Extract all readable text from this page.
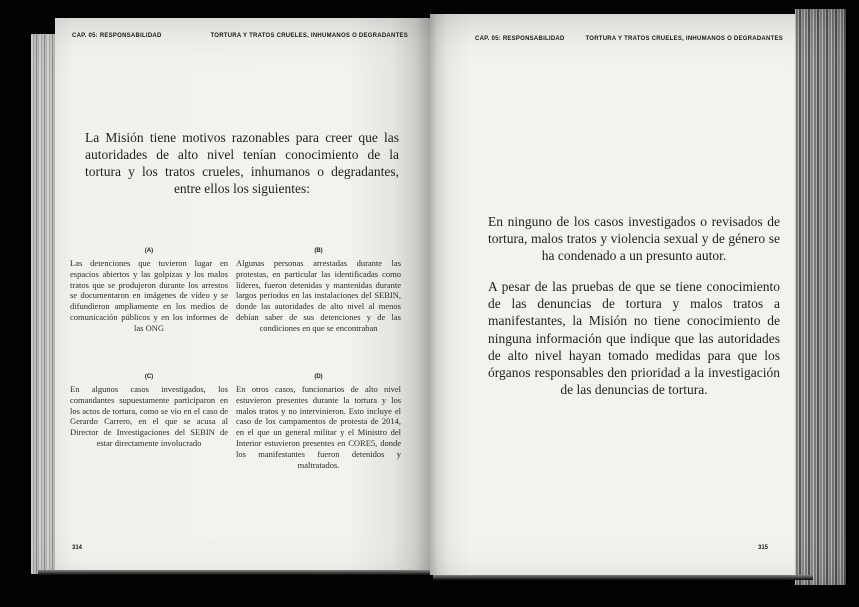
CAP. 05: RESPONSABILIDAD	TORTURA Y TRATOS CRUELES, INHUMANOS O DEGRADANTES
La Misión tiene motivos razonables para creer que las autoridades de alto nivel tenían conocimiento de la tortura y los tratos crueles, inhumanos o degradantes, entre ellos los siguientes:
(A)
Las detenciones que tuvieron lugar en espacios abiertos y las golpizas y los malos tratos que se produjeron durante los arrestos se documentaron en imágenes de vídeo y se difundieron ampliamente en los medios de comunicación públicos y en los informes de las ONG
(B)
Algunas personas arrestadas durante las protestas, en particular las identificadas como líderes, fueron detenidas y mantenidas durante largos periodos en las instalaciones del SEBIN, donde las autoridades de alto nivel al menos debían saber de sus detenciones y de las condiciones en que se encontraban
(C)
En algunos casos investigados, los comandantes supuestamente participaron en los actos de tortura, como se vio en el caso de Gerardo Carrero, en el que se acusa al Director de Investigaciones del SEBIN de estar directamente involucrado
(D)
En otros casos, funcionarios de alto nivel estuvieron presentes durante la tortura y los malos tratos y no intervinieron. Esto incluye el caso de los campamentos de protesta de 2014, en el que un general militar y el Ministro del Interior estuvieron presentes en CORE5, donde los manifestantes fueron detenidos y maltratados.
314
CAP. 05: RESPONSABILIDAD	TORTURA Y TRATOS CRUELES, INHUMANOS O DEGRADANTES
En ninguno de los casos investigados o revisados de tortura, malos tratos y violencia sexual y de género se ha condenado a un presunto autor.
A pesar de las pruebas de que se tiene conocimiento de las denuncias de tortura y malos tratos a manifestantes, la Misión no tiene conocimiento de ninguna información que indique que las autoridades de alto nivel hayan tomado medidas para que los órganos responsables den prioridad a la investigación de las denuncias de tortura.
315
